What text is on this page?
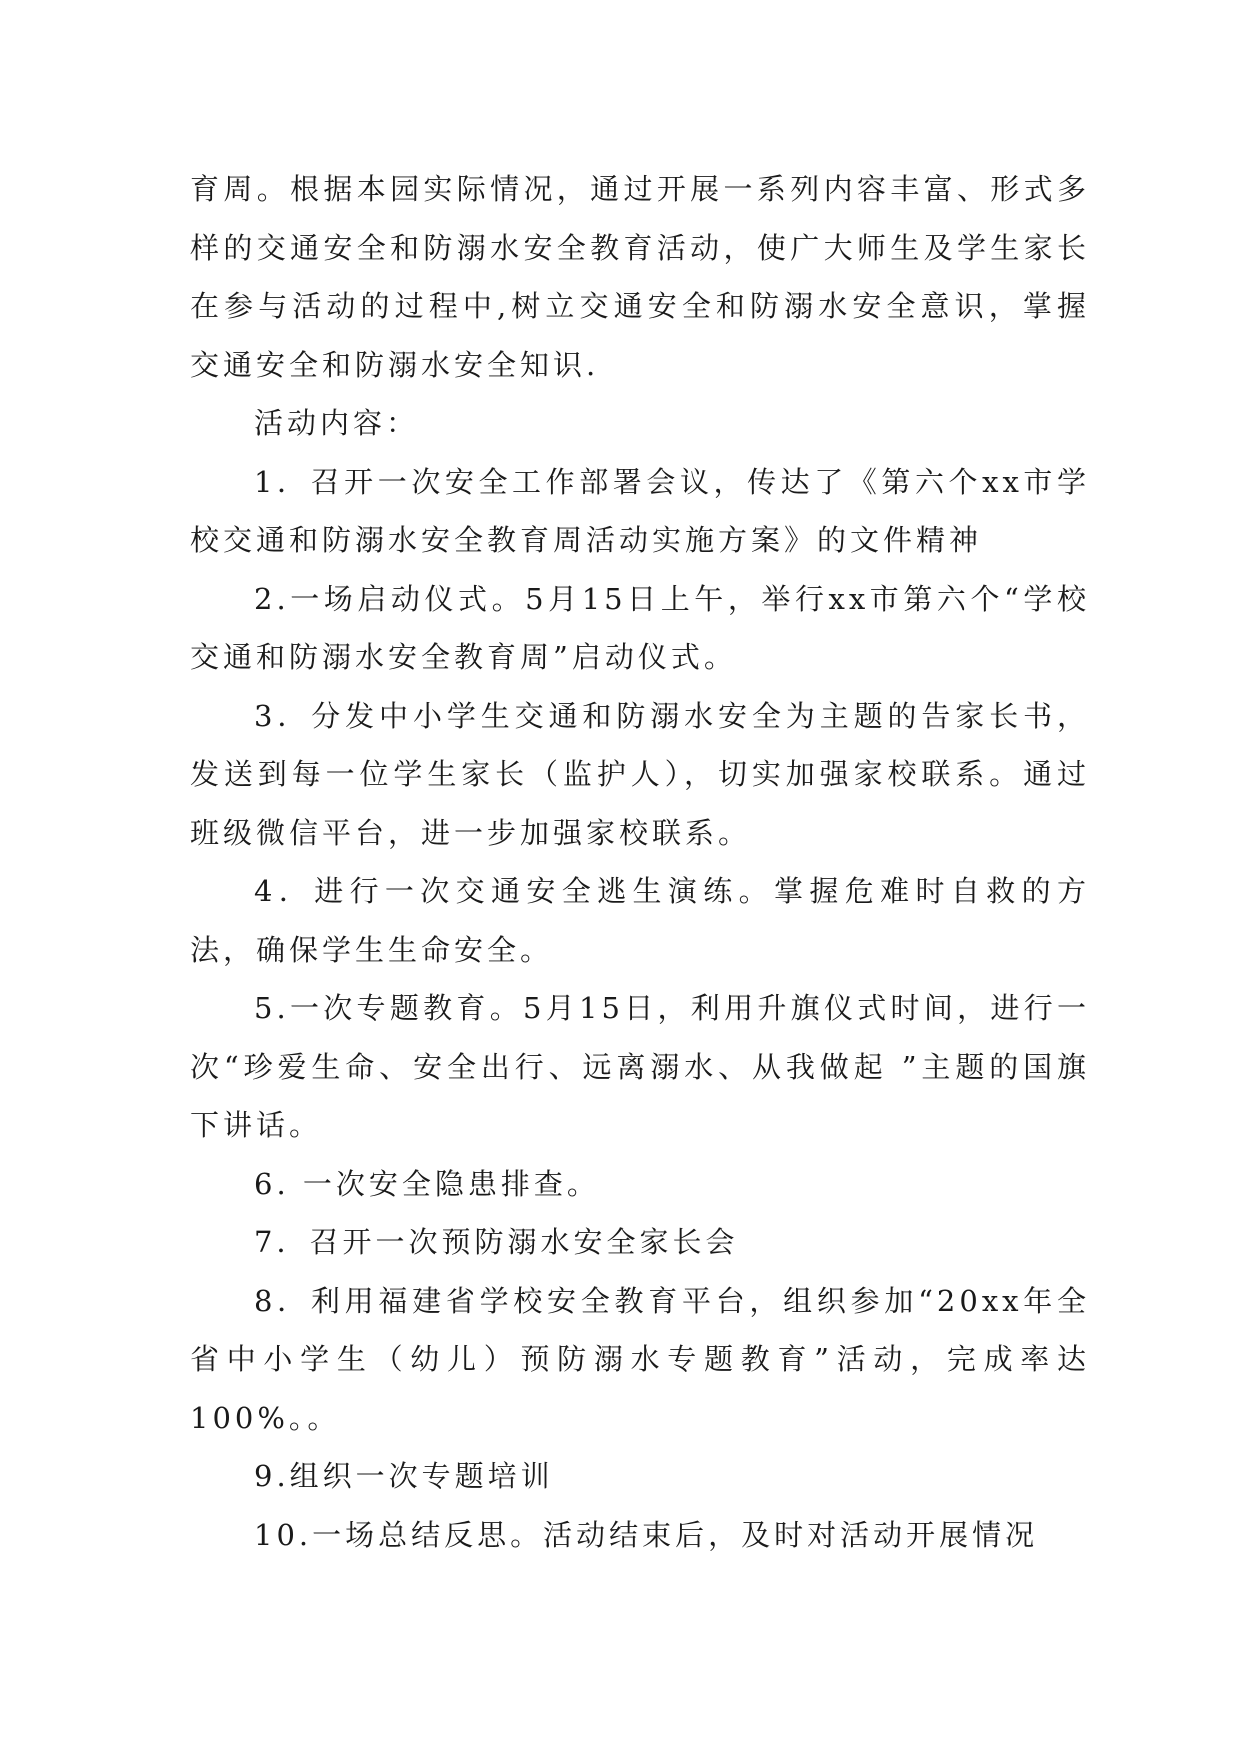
育周。根据本园实际情况，通过开展一系列内容丰富、形式多样的交通安全和防溺水安全教育活动，使广大师生及学生家长在参与活动的过程中,树立交通安全和防溺水安全意识，掌握交通安全和防溺水安全知识.

活动内容：

1．召开一次安全工作部署会议，传达了《第六个xx市学校交通和防溺水安全教育周活动实施方案》的文件精神

2.一场启动仪式。5月15日上午，举行xx市第六个“学校交通和防溺水安全教育周”启动仪式。

3．分发中小学生交通和防溺水安全为主题的告家长书，发送到每一位学生家长（监护人），切实加强家校联系。通过班级微信平台，进一步加强家校联系。

4．进行一次交通安全逃生演练。掌握危难时自救的方法，确保学生生命安全。

5.一次专题教育。5月15日，利用升旗仪式时间，进行一次“珍爱生命、安全出行、远离溺水、从我做起 ”主题的国旗下讲话。

6. 一次安全隐患排查。

7．召开一次预防溺水安全家长会

8．利用福建省学校安全教育平台，组织参加“20xx年全省中小学生（幼儿）预防溺水专题教育”活动，完成率达100%。。

9.组织一次专题培训

10.一场总结反思。活动结束后，及时对活动开展情况
